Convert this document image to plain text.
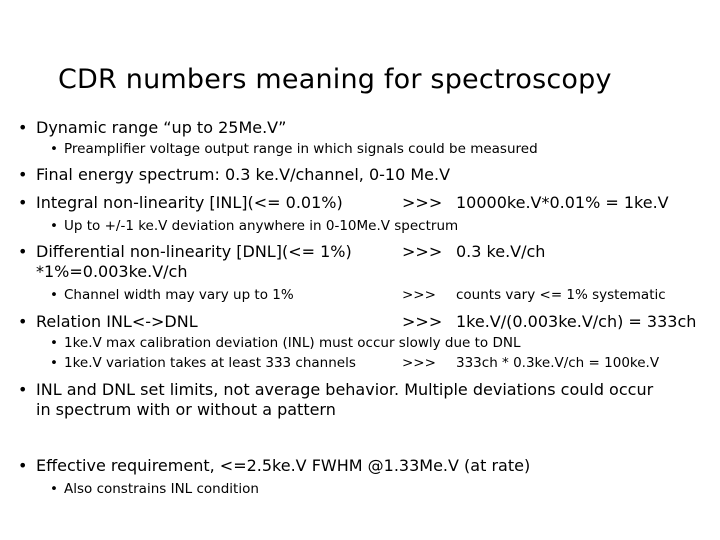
CDR numbers meaning for spectroscopy
• Dynamic range “up to 25Me.V”
• Preamplifier voltage output range in which signals could be measured
• Final energy spectrum: 0.3 ke.V/channel, 0-10 Me.V
• Integral non-linearity [INL](<= 0.01%)	>>> 10000ke.V*0.01% = 1ke.V
• Up to +/-1 ke.V deviation anywhere in 0-10Me.V spectrum
• Differential non-linearity [DNL](<= 1%)	>>> 0.3 ke.V/ch
*1%=0.003ke.V/ch
• Channel width may vary up to 1%	>>> counts vary <= 1% systematic
• Relation INL<->DNL	>>> 1ke.V/(0.003ke.V/ch) = 333ch
• 1ke.V max calibration deviation (INL) must occur slowly due to DNL
• 1ke.V variation takes at least 333 channels	>>> 333ch * 0.3ke.V/ch = 100ke.V
• INL and DNL set limits, not average behavior. Multiple deviations could occur
in spectrum with or without a pattern
• Effective requirement, <=2.5ke.V FWHM @1.33Me.V (at rate)
• Also constrains INL condition
